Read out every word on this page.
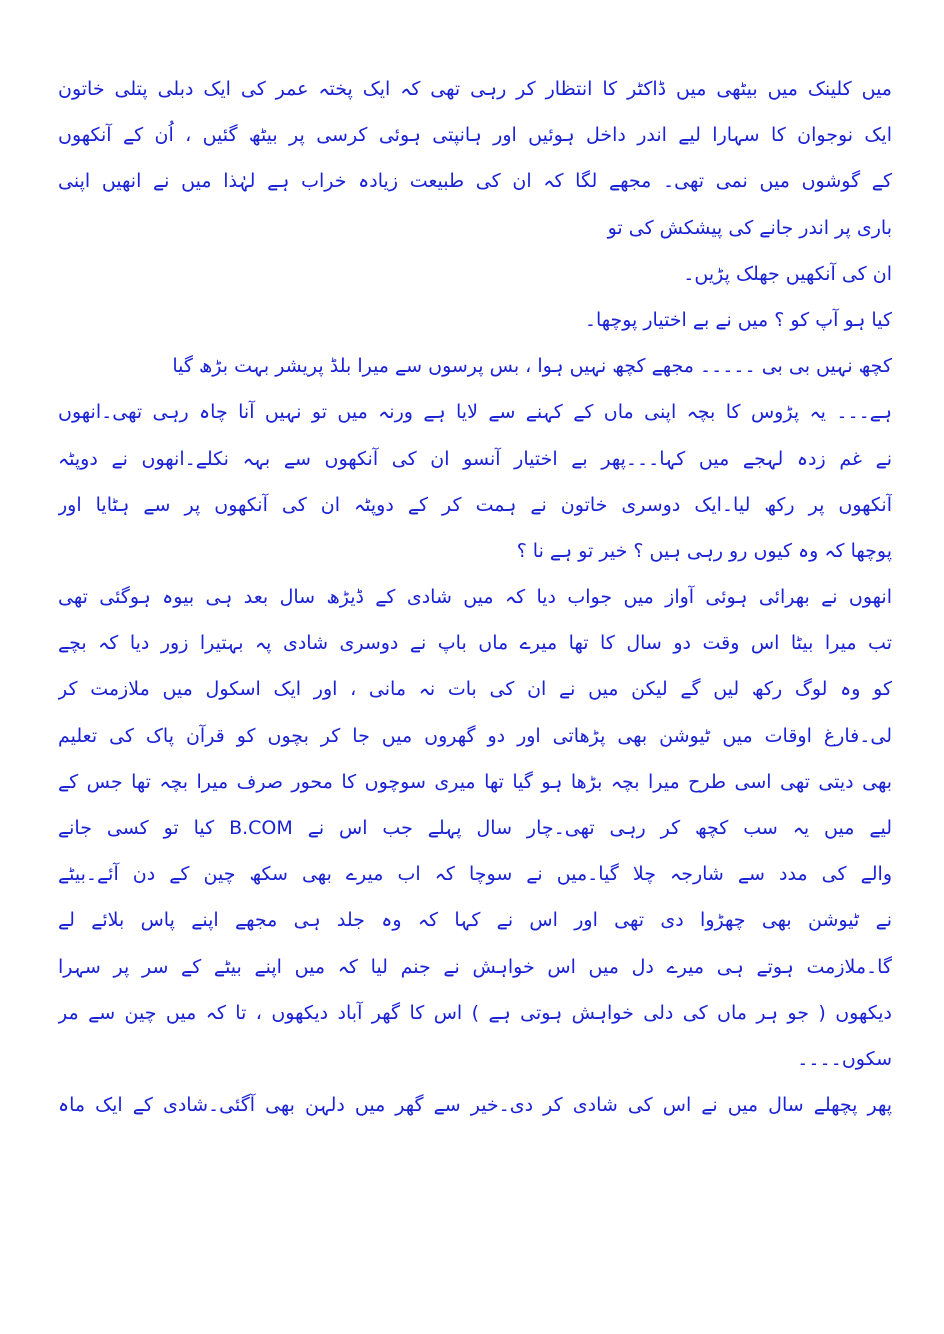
میں کلینک میں بیٹھی میں ڈاکٹر کا انتظار کر رہی تھی کہ ایک پختہ عمر کی ایک دبلی پتلی خاتون
ایک نوجوان کا سہارا لیے اندر داخل ہوئیں اور ہانپتی ہوئی کرسی پر بیٹھ گئیں ، اُن کے آنکھوں
کے گوشوں میں نمی تھی۔ مجھے لگا کہ ان کی طبیعت زیادہ خراب ہے لہٰذا میں نے انھیں اپنی
باری پر اندر جانے کی پیشکش کی تو
ان کی آنکھیں جھلک پڑیں۔
کیا ہو آپ کو ؟ میں نے بے اختیار پوچھا۔
کچھ نہیں بی بی ۔۔۔۔۔ مجھے کچھ نہیں ہوا ، بس پرسوں سے میرا بلڈ پریشر بہت بڑھ گیا
ہے۔۔۔ یہ پڑوس کا بچہ اپنی ماں کے کہنے سے لایا ہے ورنہ میں تو نہیں آنا چاہ رہی تھی۔انھوں
نے غم زدہ لہجے میں کہا۔۔۔پھر بے اختیار آنسو ان کی آنکھوں سے بہہ نکلے۔انھوں نے دوپٹہ
آنکھوں پر رکھ لیا۔ایک دوسری خاتون نے ہمت کر کے دوپٹہ ان کی آنکھوں پر سے ہٹایا اور
پوچھا کہ وہ کیوں رو رہی ہیں ؟ خیر تو ہے نا ؟
انھوں نے بھرائی ہوئی آواز میں جواب دیا کہ میں شادی کے ڈیڑھ سال بعد ہی بیوہ ہوگئی تھی
تب میرا بیٹا اس وقت دو سال کا تھا میرے ماں باپ نے دوسری شادی پہ بہتیرا زور دیا کہ بچے
کو وہ لوگ رکھ لیں گے لیکن میں نے ان کی بات نہ مانی ، اور ایک اسکول میں ملازمت کر
لی۔فارغ اوقات میں ٹیوشن بھی پڑھاتی اور دو گھروں میں جا کر بچوں کو قرآن پاک کی تعلیم
بھی دیتی تھی اسی طرح میرا بچہ بڑھا ہو گیا تھا میری سوچوں کا محور صرف میرا بچہ تھا جس کے
لیے میں یہ سب کچھ کر رہی تھی۔چار سال پہلے جب اس نے B.COM کیا تو کسی جانے
والے کی مدد سے شارجہ چلا گیا۔میں نے سوچا کہ اب میرے بھی سکھ چین کے دن آئے۔بیٹے
نے ٹیوشن بھی چھڑوا دی تھی اور اس نے کہا کہ وہ جلد ہی مجھے اپنے پاس بلائے لے
گا۔ملازمت ہوتے ہی میرے دل میں اس خواہش نے جنم لیا کہ میں اپنے بیٹے کے سر پر سہرا
دیکھوں ( جو ہر ماں کی دلی خواہش ہوتی ہے ) اس کا گھر آباد دیکھوں ، تا کہ میں چین سے مر
سکوں۔۔۔۔
پھر پچھلے سال میں نے اس کی شادی کر دی۔خیر سے گھر میں دلہن بھی آگئی۔شادی کے ایک ماہ
